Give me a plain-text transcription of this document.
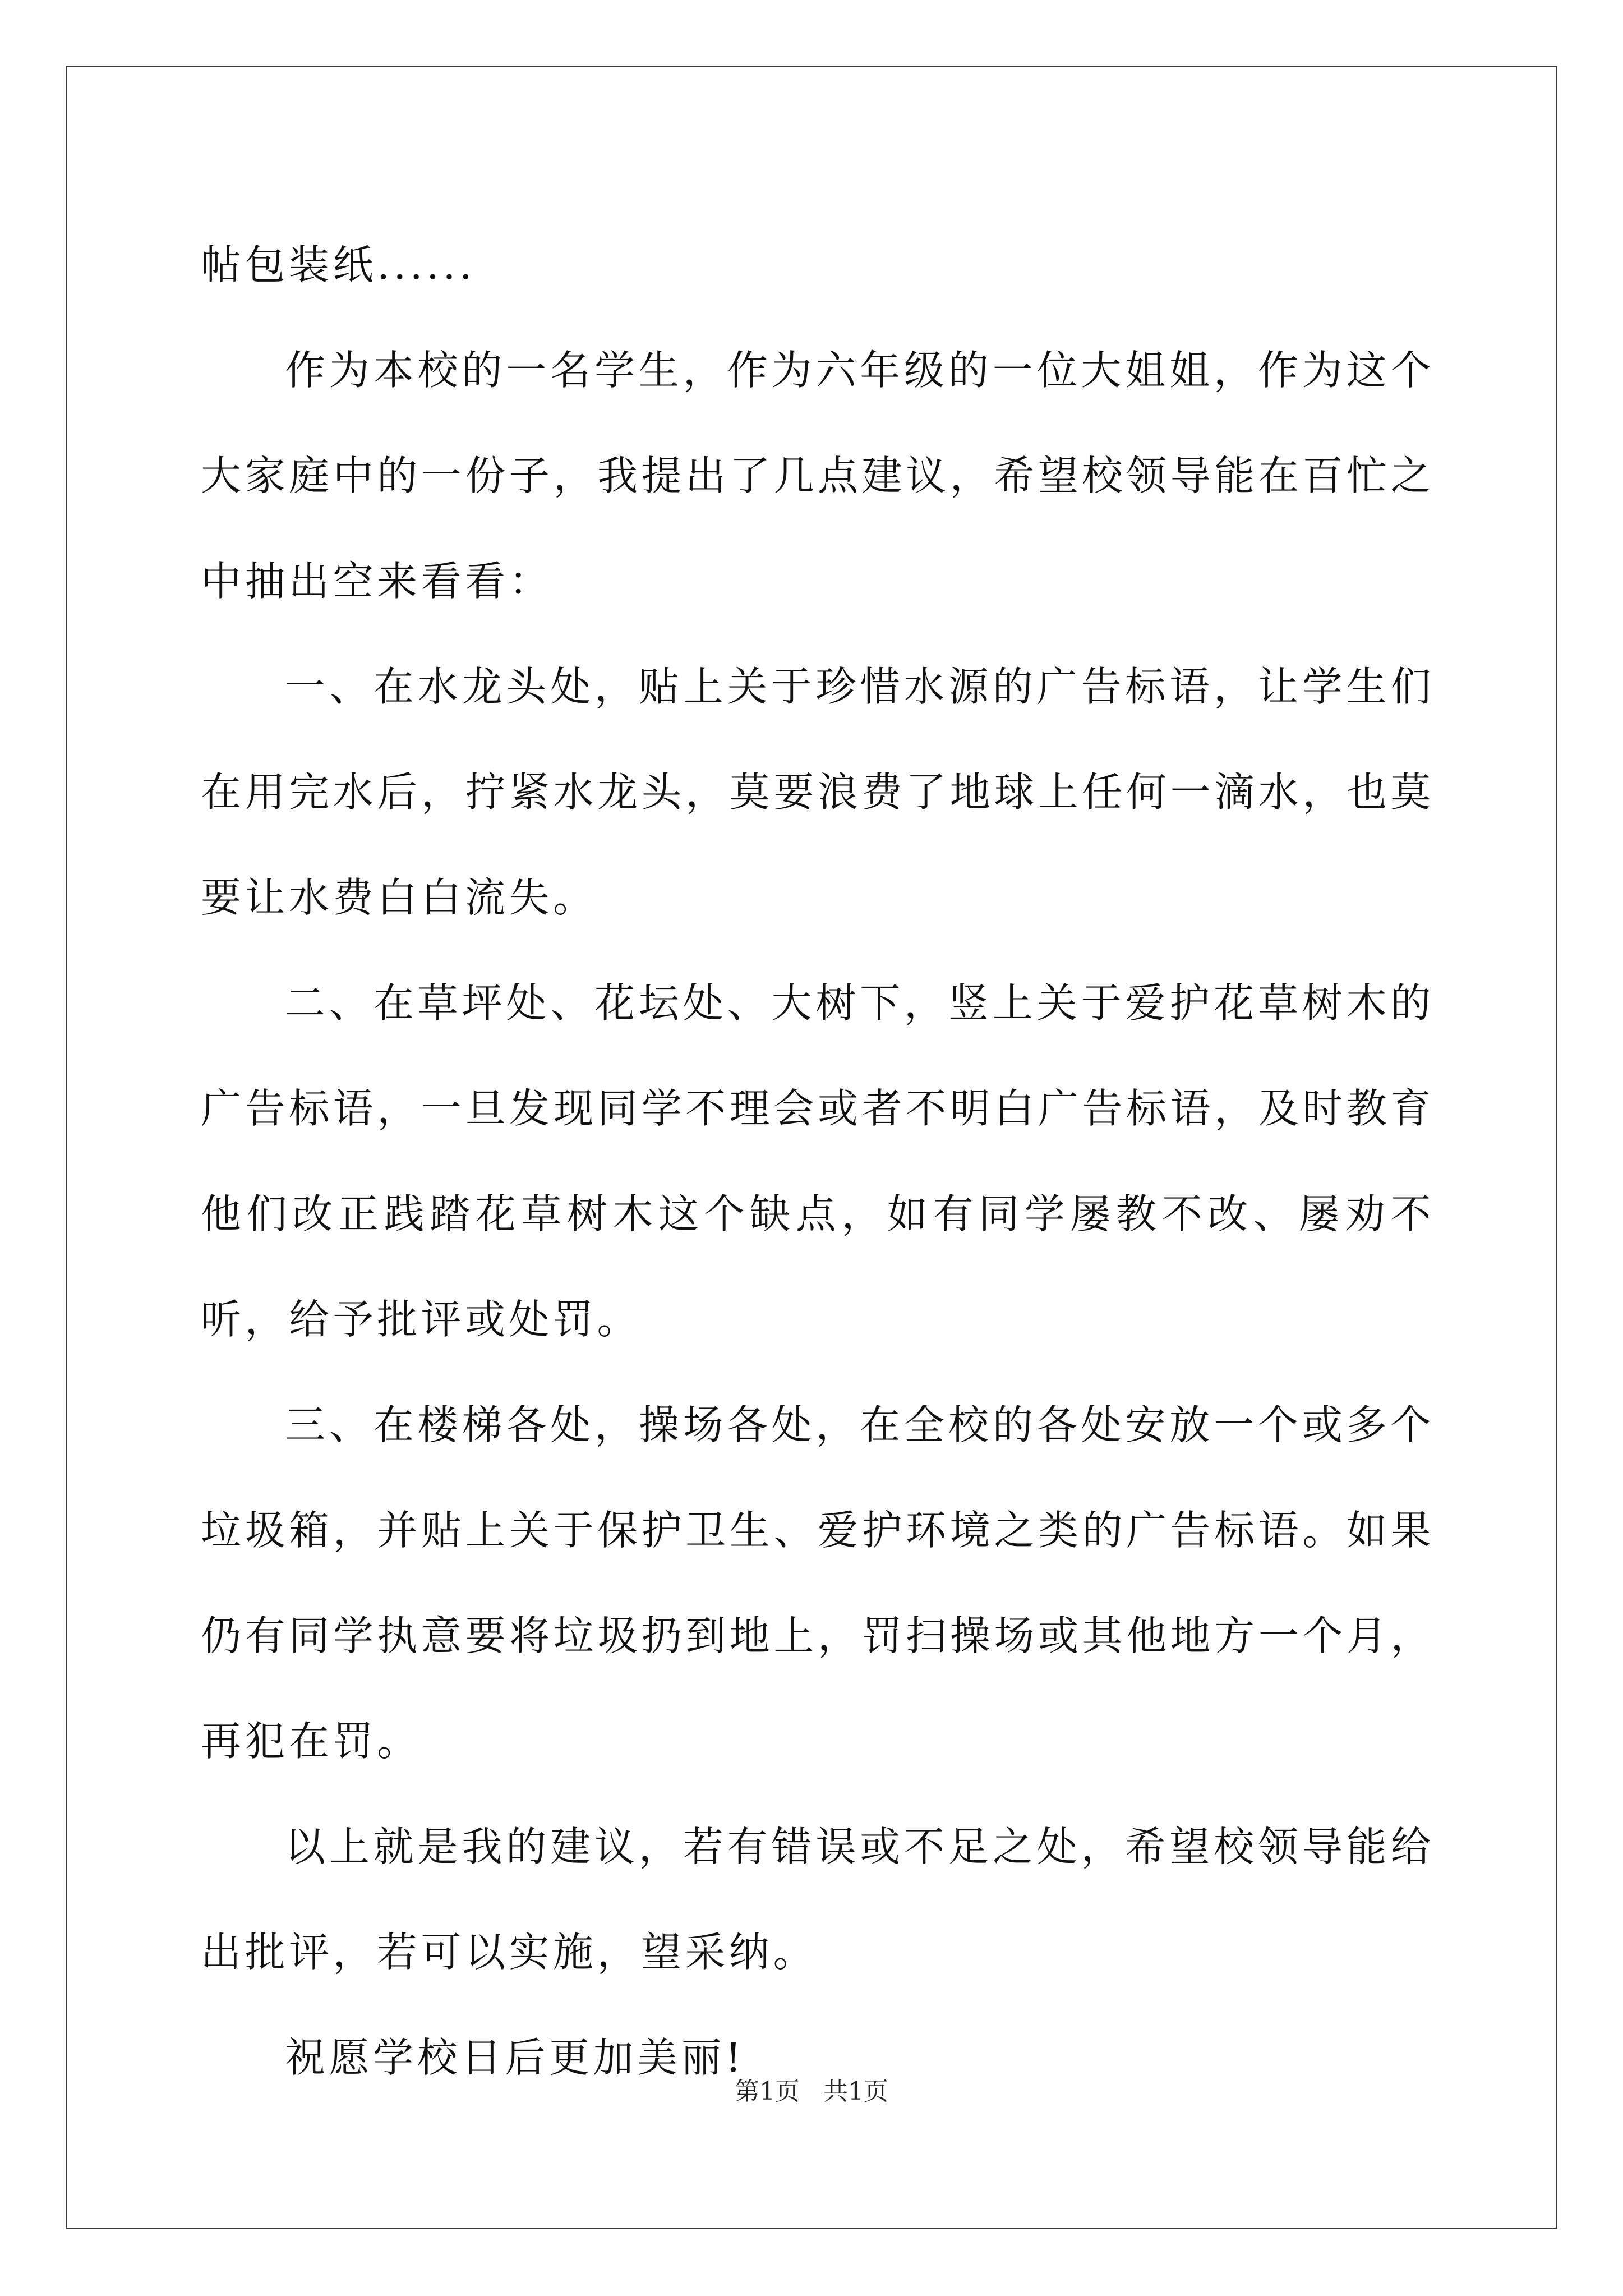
帖包装纸......

作为本校的一名学生，作为六年级的一位大姐姐，作为这个大家庭中的一份子，我提出了几点建议，希望校领导能在百忙之中抽出空来看看：

一、在水龙头处，贴上关于珍惜水源的广告标语，让学生们在用完水后，拧紧水龙头，莫要浪费了地球上任何一滴水，也莫要让水费白白流失。

二、在草坪处、花坛处、大树下，竖上关于爱护花草树木的广告标语，一旦发现同学不理会或者不明白广告标语，及时教育他们改正践踏花草树木这个缺点，如有同学屡教不改、屡劝不听，给予批评或处罚。

三、在楼梯各处，操场各处，在全校的各处安放一个或多个垃圾箱，并贴上关于保护卫生、爱护环境之类的广告标语。如果仍有同学执意要将垃圾扔到地上，罚扫操场或其他地方一个月，再犯在罚。

以上就是我的建议，若有错误或不足之处，希望校领导能给出批评，若可以实施，望采纳。

祝愿学校日后更加美丽!

第1页   共1页
